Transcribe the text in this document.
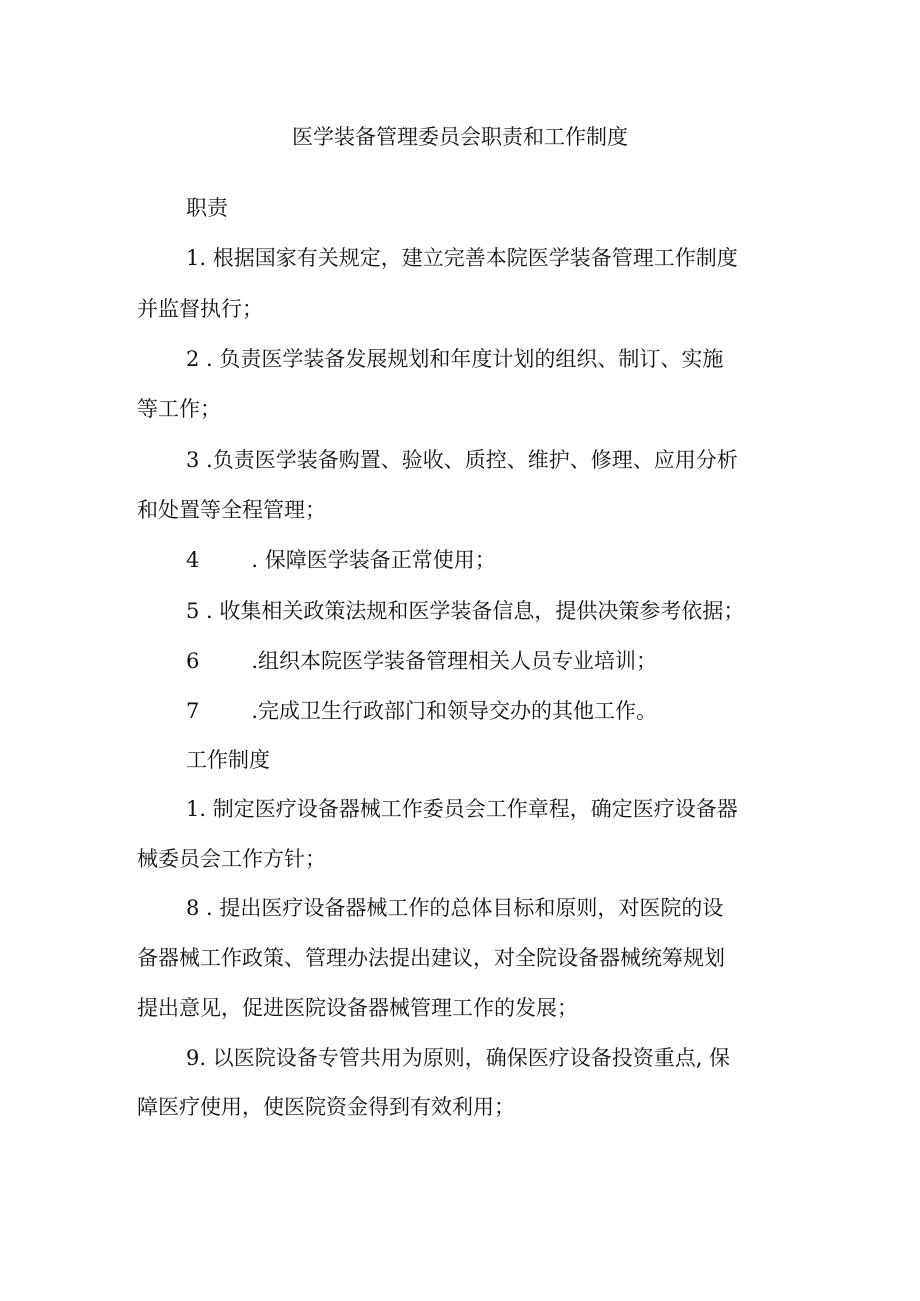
医学装备管理委员会职责和工作制度
职责
1. 根据国家有关规定，建立完善本院医学装备管理工作制度
并监督执行；
2 . 负责医学装备发展规划和年度计划的组织、制订、实施
等工作；
3 .负责医学装备购置、验收、质控、维护、修理、应用分析
和处置等全程管理；
4 . 保障医学装备正常使用；
5 . 收集相关政策法规和医学装备信息，提供决策参考依据；
6 .组织本院医学装备管理相关人员专业培训；
7 .完成卫生行政部门和领导交办的其他工作。
工作制度
1. 制定医疗设备器械工作委员会工作章程，确定医疗设备器
械委员会工作方针；
8 . 提出医疗设备器械工作的总体目标和原则，对医院的设
备器械工作政策、管理办法提出建议，对全院设备器械统筹规划
提出意见，促进医院设备器械管理工作的发展；
9. 以医院设备专管共用为原则，确保医疗设备投资重点, 保
障医疗使用，使医院资金得到有效利用；
